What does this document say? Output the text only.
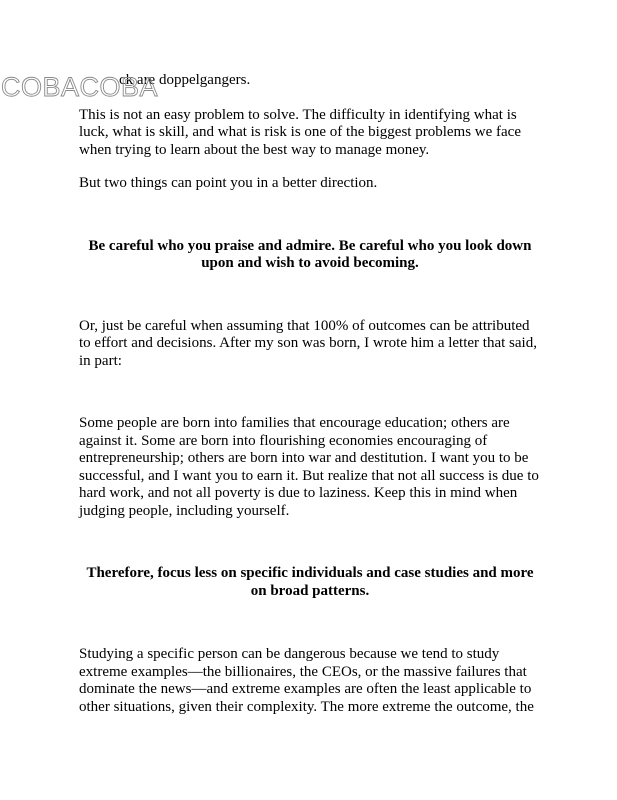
COBACOBA

ck are doppelgangers.

This is not an easy problem to solve. The difficulty in identifying what is luck, what is skill, and what is risk is one of the biggest problems we face when trying to learn about the best way to manage money.

But two things can point you in a better direction.

Be careful who you praise and admire. Be careful who you look down upon and wish to avoid becoming.

Or, just be careful when assuming that 100% of outcomes can be attributed to effort and decisions. After my son was born, I wrote him a letter that said, in part:

Some people are born into families that encourage education; others are against it. Some are born into flourishing economies encouraging of entrepreneurship; others are born into war and destitution. I want you to be successful, and I want you to earn it. But realize that not all success is due to hard work, and not all poverty is due to laziness. Keep this in mind when judging people, including yourself.

Therefore, focus less on specific individuals and case studies and more on broad patterns.

Studying a specific person can be dangerous because we tend to study extreme examples—the billionaires, the CEOs, or the massive failures that dominate the news—and extreme examples are often the least applicable to other situations, given their complexity. The more extreme the outcome, the
